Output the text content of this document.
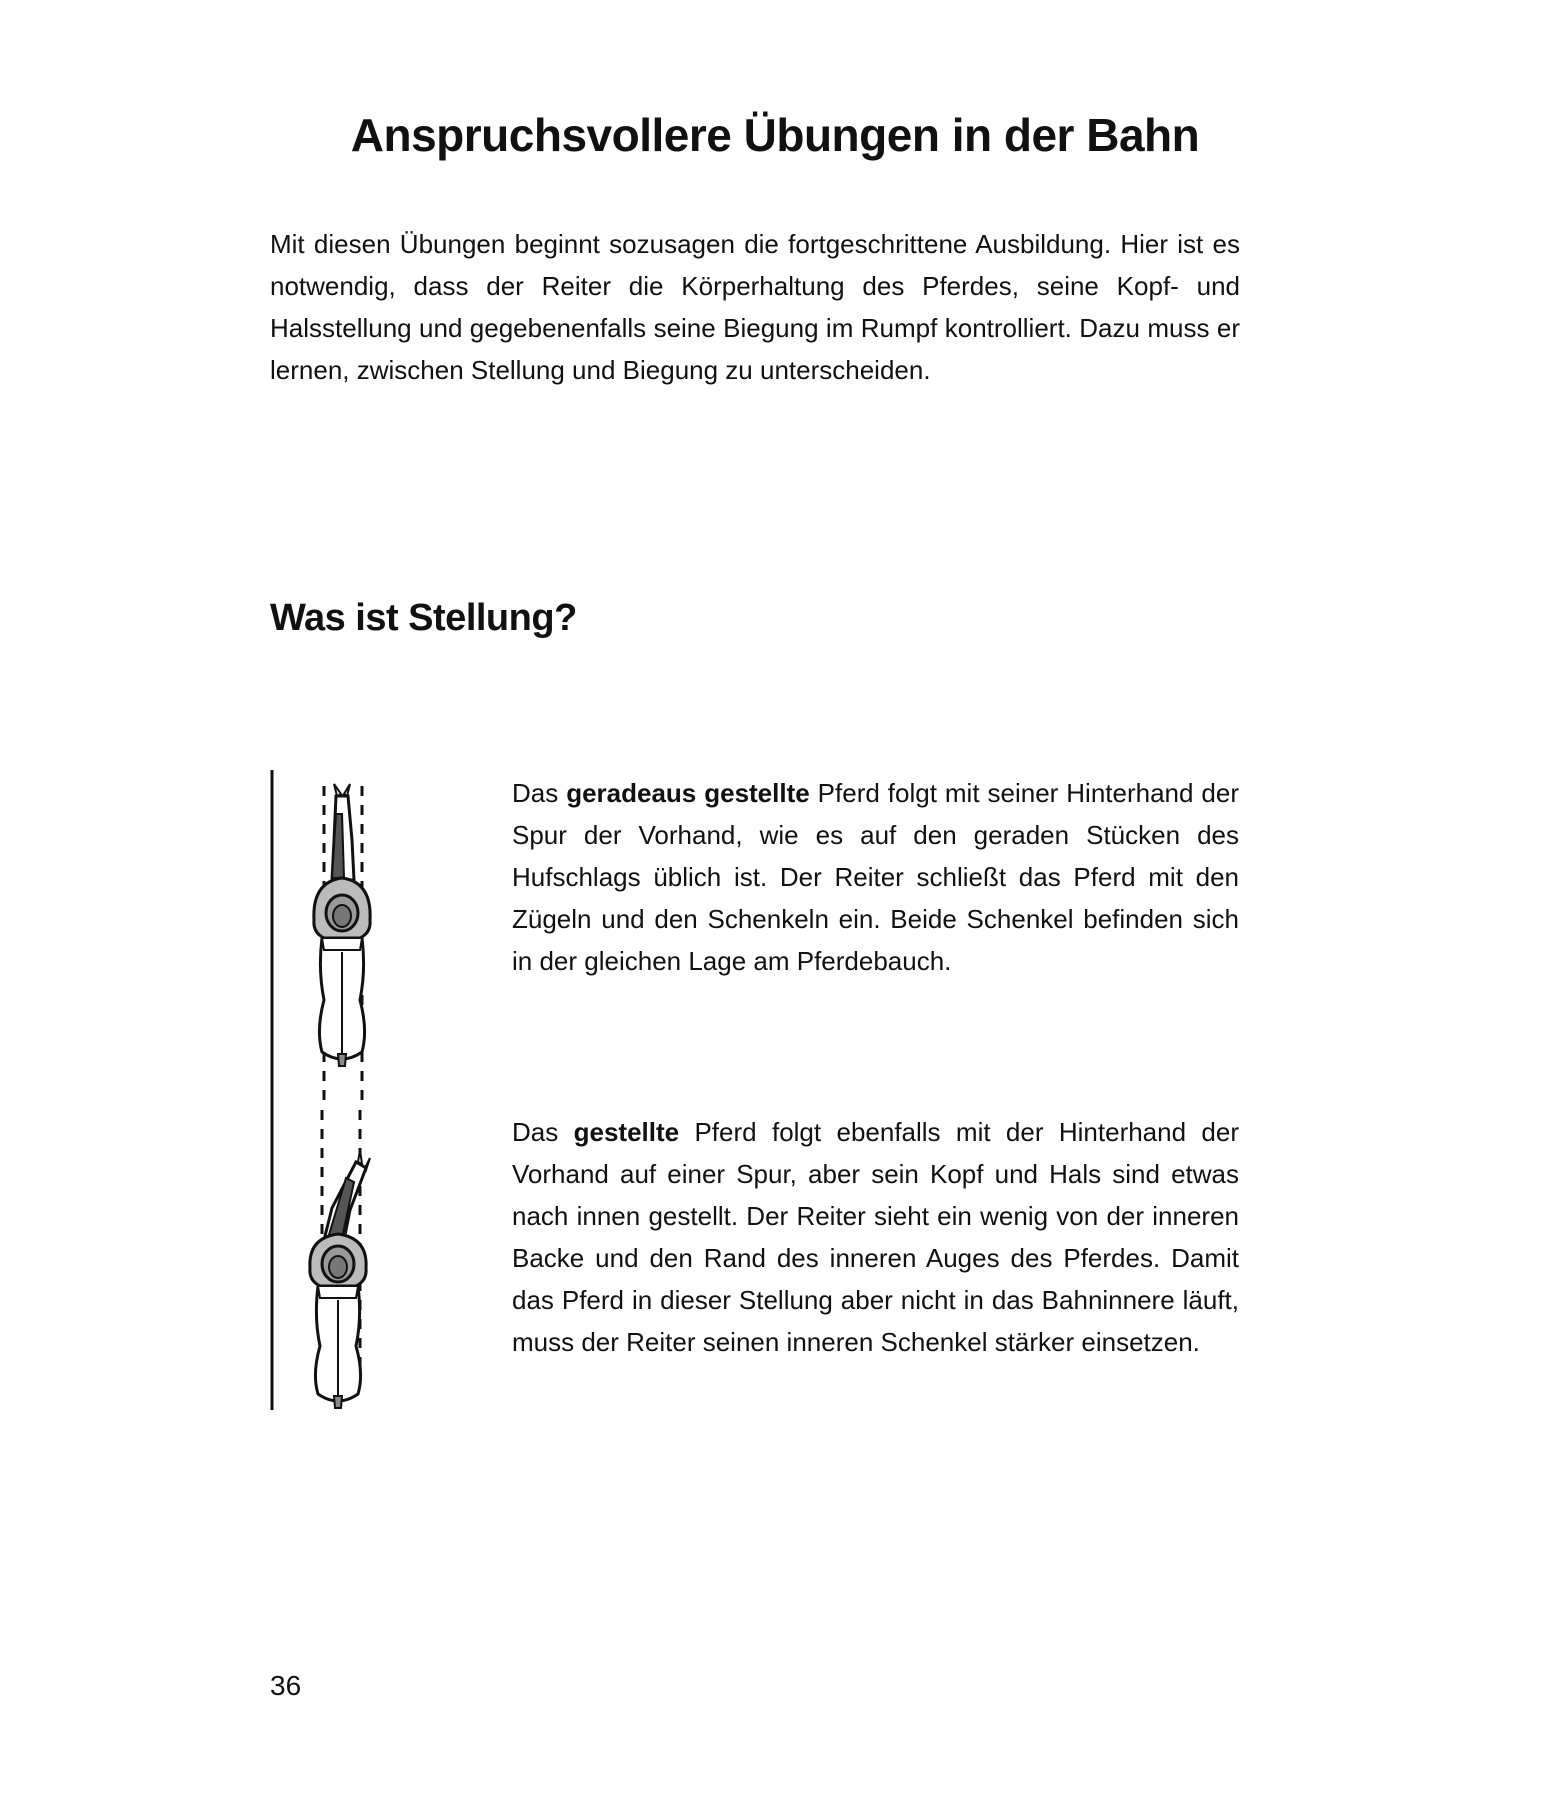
Anspruchsvollere Übungen in der Bahn

Mit diesen Übungen beginnt sozusagen die fortgeschrittene Ausbildung. Hier ist es notwendig, dass der Reiter die Körperhaltung des Pferdes, seine Kopf- und Halsstellung und gegebenenfalls seine Biegung im Rumpf kontrolliert. Dazu muss er lernen, zwischen Stellung und Biegung zu unterscheiden.

Was ist Stellung?

Das geradeaus gestellte Pferd folgt mit seiner Hinterhand der Spur der Vorhand, wie es auf den geraden Stücken des Hufschlags üblich ist. Der Reiter schließt das Pferd mit den Zügeln und den Schenkeln ein. Beide Schenkel befinden sich in der gleichen Lage am Pferdebauch.

Das gestellte Pferd folgt ebenfalls mit der Hinterhand der Vorhand auf einer Spur, aber sein Kopf und Hals sind etwas nach innen gestellt. Der Reiter sieht ein wenig von der inneren Backe und den Rand des inneren Auges des Pferdes. Damit das Pferd in dieser Stellung aber nicht in das Bahninnere läuft, muss der Reiter seinen inneren Schenkel stärker einsetzen.

36
